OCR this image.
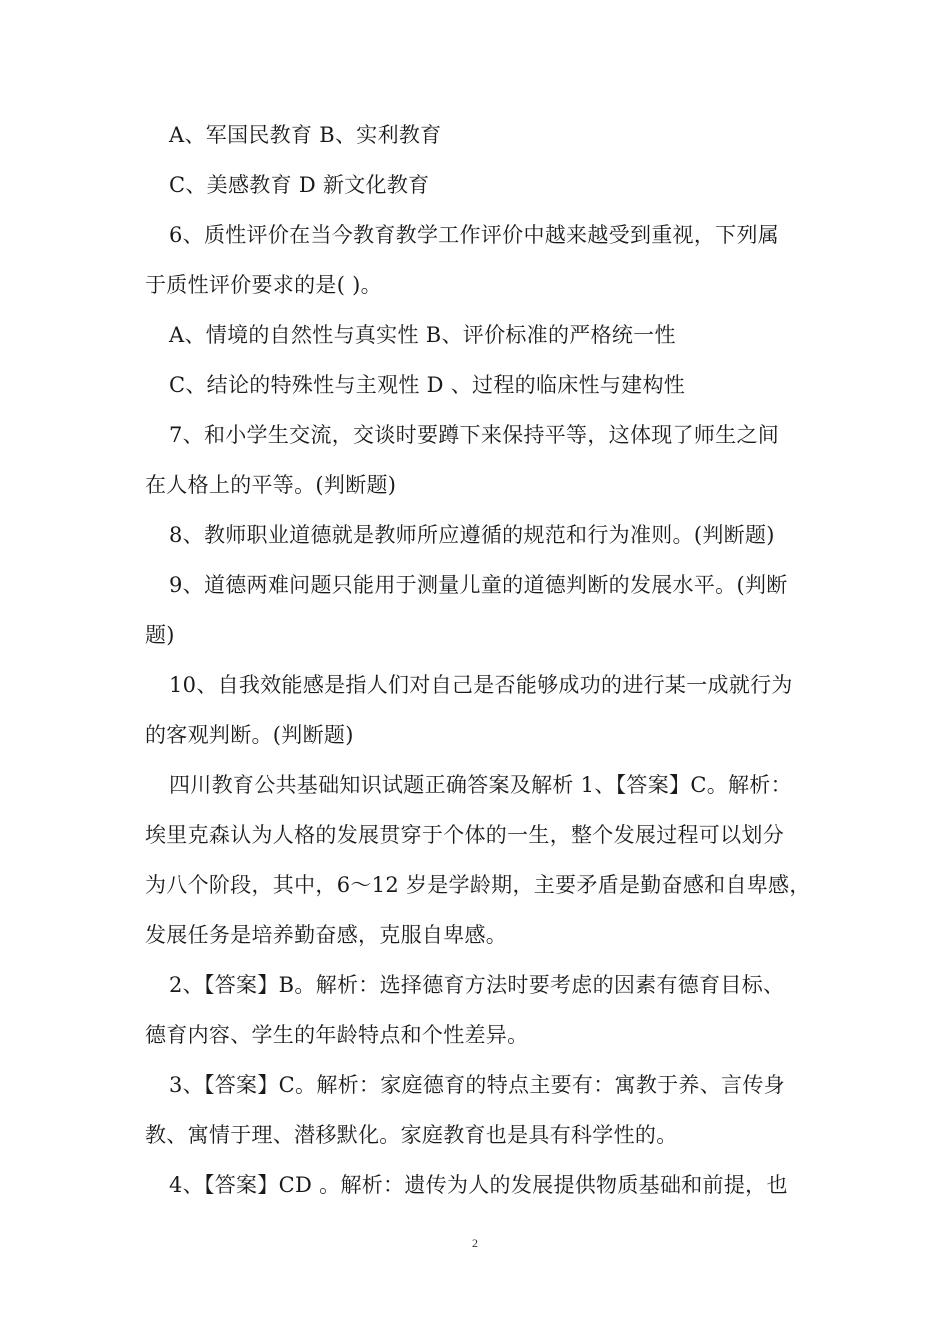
A、军国民教育 B、实利教育
C、美感教育 D 新文化教育
6、质性评价在当今教育教学工作评价中越来越受到重视，下列属
于质性评价要求的是( )。
A、情境的自然性与真实性 B、评价标准的严格统一性
C、结论的特殊性与主观性 D 、过程的临床性与建构性
7、和小学生交流，交谈时要蹲下来保持平等，这体现了师生之间
在人格上的平等。(判断题)
8、教师职业道德就是教师所应遵循的规范和行为准则。(判断题)
9、道德两难问题只能用于测量儿童的道德判断的发展水平。(判断
题)
10、自我效能感是指人们对自己是否能够成功的进行某一成就行为
的客观判断。(判断题)
四川教育公共基础知识试题正确答案及解析 1、【答案】C。解析：
埃里克森认为人格的发展贯穿于个体的一生，整个发展过程可以划分
为八个阶段，其中，6～12 岁是学龄期，主要矛盾是勤奋感和自卑感，
发展任务是培养勤奋感，克服自卑感。
2、【答案】B。解析：选择德育方法时要考虑的因素有德育目标、
德育内容、学生的年龄特点和个性差异。
3、【答案】C。解析：家庭德育的特点主要有：寓教于养、言传身
教、寓情于理、潜移默化。家庭教育也是具有科学性的。
4、【答案】CD 。解析：遗传为人的发展提供物质基础和前提，也
2
